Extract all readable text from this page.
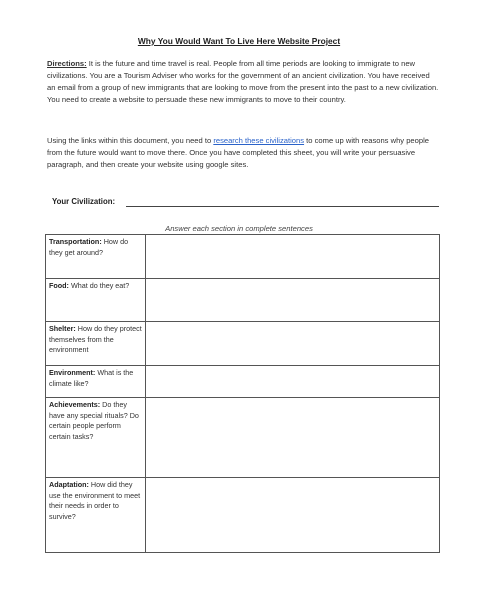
Why You Would Want To Live Here Website Project
Directions: It is the future and time travel is real. People from all time periods are looking to immigrate to new civilizations. You are a Tourism Adviser who works for the government of an ancient civilization. You have received an email from a group of new immigrants that are looking to move from the present into the past to a new civilization. You need to create a website to persuade these new immigrants to move to their country.
Using the links within this document, you need to research these civilizations to come up with reasons why people from the future would want to move there. Once you have completed this sheet, you will write your persuasive paragraph, and then create your website using google sites.
Your Civilization:
Answer each section in complete sentences
Transportation: How do they get around?	
Food: What do they eat?	
Shelter: How do they protect themselves from the environment	
Environment: What is the climate like?	
Achievements: Do they have any special rituals? Do certain people perform certain tasks?	
Adaptation: How did they use the environment to meet their needs in order to survive?	
